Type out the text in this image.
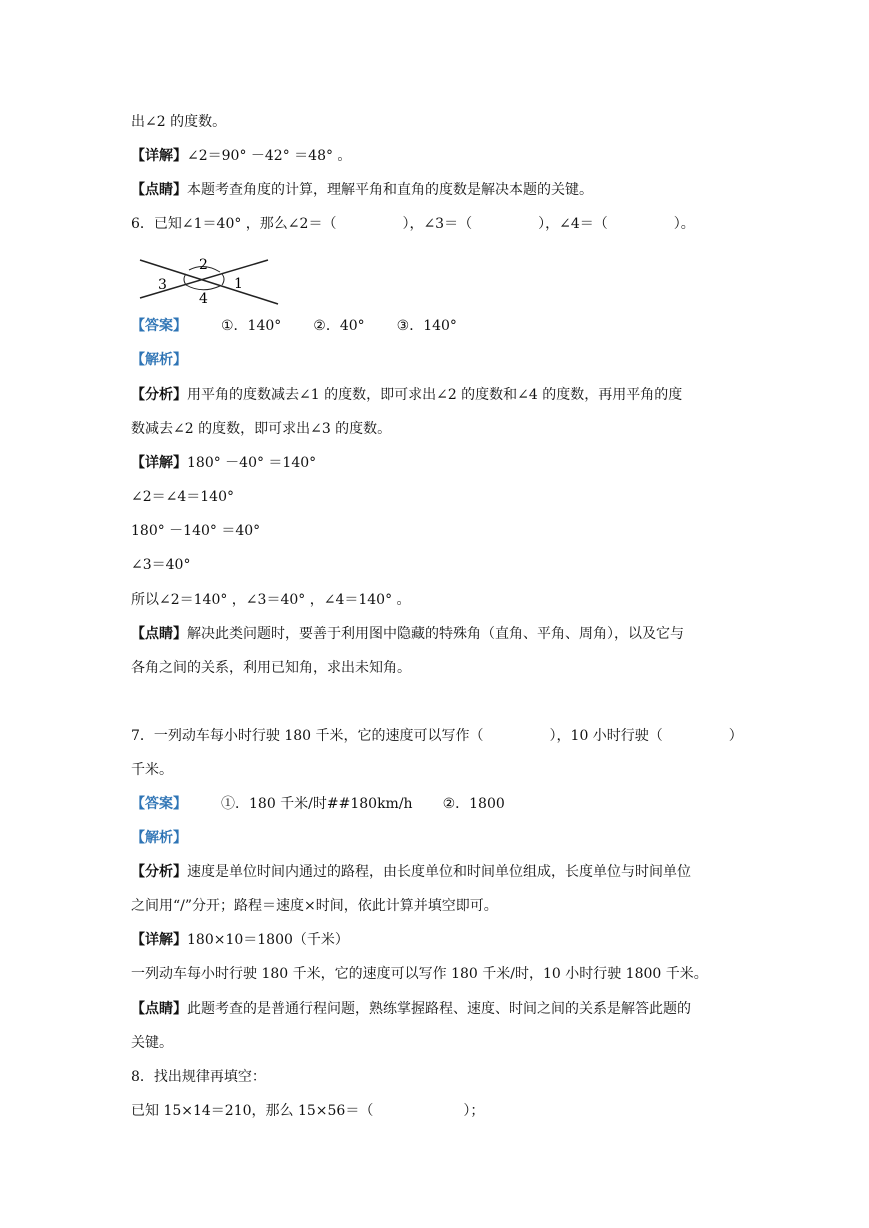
出∠2 的度数。
【详解】∠2＝90° －42° ＝48° 。
【点睛】本题考查角度的计算，理解平角和直角的度数是解决本题的关键。
6．已知∠1＝40° ，那么∠2＝（	），∠3＝（	），∠4＝（	）。
2
3	1
4
【答案】 ①．140° ②．40° ③．140°
【解析】
【分析】用平角的度数减去∠1 的度数，即可求出∠2 的度数和∠4 的度数，再用平角的度
数减去∠2 的度数，即可求出∠3 的度数。
【详解】180° －40° ＝140°
∠2＝∠4＝140°
180° －140° ＝40°
∠3＝40°
所以∠2＝140° ，∠3＝40° ，∠4＝140° 。
【点睛】解决此类问题时，要善于利用图中隐藏的特殊角（直角、平角、周角），以及它与
各角之间的关系，利用已知角，求出未知角。
7．一列动车每小时行驶 180 千米，它的速度可以写作（	），10 小时行驶（	）
千米。
【答案】 ①．180 千米/时##180km/h ②．1800
【解析】
【分析】速度是单位时间内通过的路程，由长度单位和时间单位组成，长度单位与时间单位
之间用“/”分开；路程＝速度×时间，依此计算并填空即可。
【详解】180×10＝1800（千米）
一列动车每小时行驶 180 千米，它的速度可以写作 180 千米/时，10 小时行驶 1800 千米。
【点睛】此题考查的是普通行程问题，熟练掌握路程、速度、时间之间的关系是解答此题的
关键。
8．找出规律再填空：
已知 15×14＝210，那么 15×56＝（	）；
